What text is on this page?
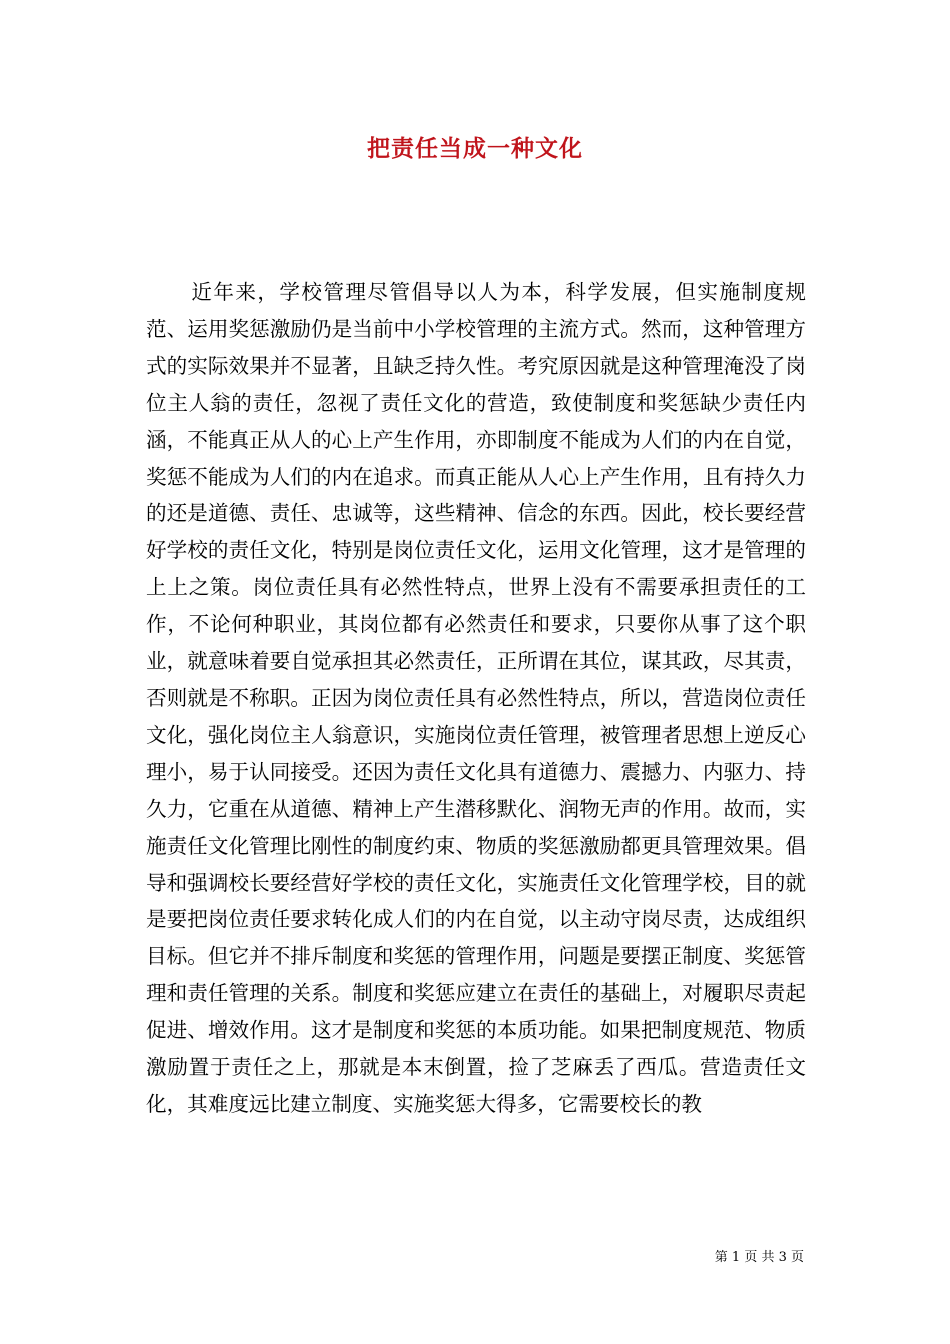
把责任当成一种文化

近年来，学校管理尽管倡导以人为本，科学发展，但实施制度规范、运用奖惩激励仍是当前中小学校管理的主流方式。然而，这种管理方式的实际效果并不显著，且缺乏持久性。考究原因就是这种管理淹没了岗位主人翁的责任，忽视了责任文化的营造，致使制度和奖惩缺少责任内涵，不能真正从人的心上产生作用，亦即制度不能成为人们的内在自觉，奖惩不能成为人们的内在追求。而真正能从人心上产生作用，且有持久力的还是道德、责任、忠诚等，这些精神、信念的东西。因此，校长要经营好学校的责任文化，特别是岗位责任文化，运用文化管理，这才是管理的上上之策。岗位责任具有必然性特点，世界上没有不需要承担责任的工作，不论何种职业，其岗位都有必然责任和要求，只要你从事了这个职业，就意味着要自觉承担其必然责任，正所谓在其位，谋其政，尽其责，否则就是不称职。正因为岗位责任具有必然性特点，所以，营造岗位责任文化，强化岗位主人翁意识，实施岗位责任管理，被管理者思想上逆反心理小，易于认同接受。还因为责任文化具有道德力、震撼力、内驱力、持久力，它重在从道德、精神上产生潜移默化、润物无声的作用。故而，实施责任文化管理比刚性的制度约束、物质的奖惩激励都更具管理效果。倡导和强调校长要经营好学校的责任文化，实施责任文化管理学校，目的就是要把岗位责任要求转化成人们的内在自觉，以主动守岗尽责，达成组织目标。但它并不排斥制度和奖惩的管理作用，问题是要摆正制度、奖惩管理和责任管理的关系。制度和奖惩应建立在责任的基础上，对履职尽责起促进、增效作用。这才是制度和奖惩的本质功能。如果把制度规范、物质激励置于责任之上，那就是本末倒置，捡了芝麻丢了西瓜。营造责任文化，其难度远比建立制度、实施奖惩大得多，它需要校长的教

第 1 页 共 3 页
